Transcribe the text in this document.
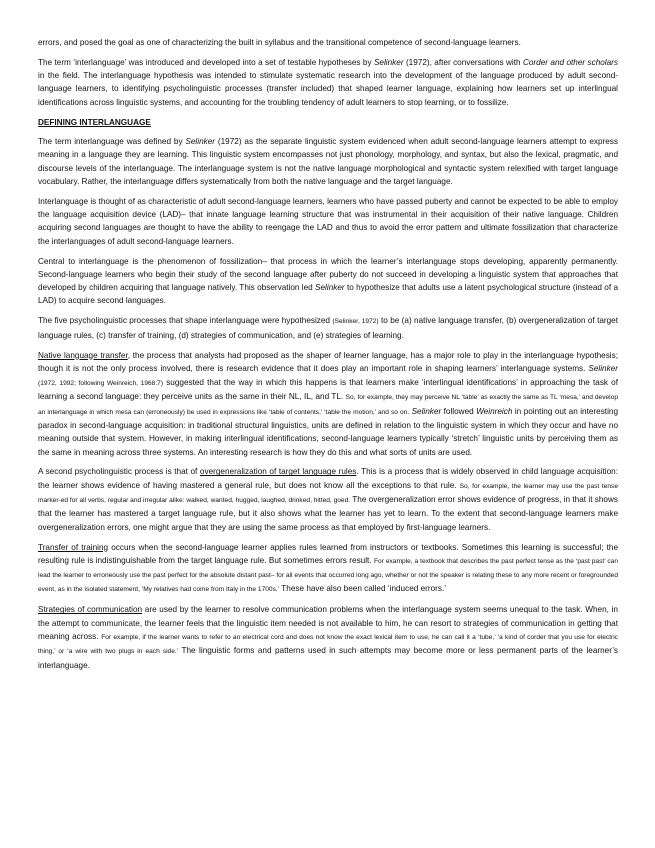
errors, and posed the goal as one of characterizing the built in syllabus and the transitional competence of second-language learners.

The term ‘interlanguage’ was introduced and developed into a set of testable hypotheses by Selinker (1972), after conversations with Corder and other scholars in the field. The interlanguage hypothesis was intended to stimulate systematic research into the development of the language produced by adult second-language learners, to identifying psycholinguistic processes (transfer included) that shaped learner language, explaining how learners set up interlingual identifications across linguistic systems, and accounting for the troubling tendency of adult learners to stop learning, or to fossilize.

DEFINING INTERLANGUAGE

The term interlanguage was defined by Selinker (1972) as the separate linguistic system evidenced when adult second-language learners attempt to express meaning in a language they are learning. This linguistic system encompasses not just phonology, morphology, and syntax, but also the lexical, pragmatic, and discourse levels of the interlanguage. The interlanguage system is not the native language morphological and syntactic system relexified with target language vocabulary. Rather, the interlanguage differs systematically from both the native language and the target language.

Interlanguage is thought of as characteristic of adult second-language learners, learners who have passed puberty and cannot be expected to be able to employ the language acquisition device (LAD)– that innate language learning structure that was instrumental in their acquisition of their native language. Children acquiring second languages are thought to have the ability to reengage the LAD and thus to avoid the error pattern and ultimate fossilization that characterize the interlanguages of adult second-language learners.

Central to interlanguage is the phenomenon of fossilization– that process in which the learner’s interlanguage stops developing, apparently permanently. Second-language learners who begin their study of the second language after puberty do not succeed in developing a linguistic system that approaches that developed by children acquiring that language natively. This observation led Selinker to hypothesize that adults use a latent psychological structure (instead of a LAD) to acquire second languages.

The five psycholinguistic processes that shape interlanguage were hypothesized (Selinker, 1972) to be (a) native language transfer, (b) overgeneralization of target language rules, (c) transfer of training, (d) strategies of communication, and (e) strategies of learning.

Native language transfer, the process that analysts had proposed as the shaper of learner language, has a major role to play in the interlanguage hypothesis; though it is not the only process involved, there is research evidence that it does play an important role in shaping learners’ interlanguage systems. Selinker (1972, 1992; following Weinreich, 1968:7) suggested that the way in which this happens is that learners make ‘interlingual identifications’ in approaching the task of learning a second language: they perceive units as the same in their NL, IL, and TL. So, for example, they may perceive NL ‘table’ as exactly the same as TL ‘mesa,’ and develop an interlanguage in which mesa can (erroneously) be used in expressions like ‘table of contents,’ ‘table the motion,’ and so on. Selinker followed Weinreich in pointing out an interesting paradox in second-language acquisition: in traditional structural linguistics, units are defined in relation to the linguistic system in which they occur and have no meaning outside that system. However, in making interlingual identifications, second-language learners typically ‘stretch’ linguistic units by perceiving them as the same in meaning across three systems. An interesting research is how they do this and what sorts of units are used.

A second psycholinguistic process is that of overgeneralization of target language rules. This is a process that is widely observed in child language acquisition: the learner shows evidence of having mastered a general rule, but does not know all the exceptions to that rule. So, for example, the learner may use the past tense marker-ed for all verbs, regular and irregular alike: walked, wanted, hugged, laughed, drinked, hitted, goed. The overgeneralization error shows evidence of progress, in that it shows that the learner has mastered a target language rule, but it also shows what the learner has yet to learn. To the extent that second-language learners make overgeneralization errors, one might argue that they are using the same process as that employed by first-language learners.

Transfer of training occurs when the second-language learner applies rules learned from instructors or textbooks. Sometimes this learning is successful; the resulting rule is indistinguishable from the target language rule. But sometimes errors result. For example, a textbook that describes the past perfect tense as the ‘past past’ can lead the learner to erroneously use the past perfect for the absolute distant past– for all events that occurred long ago, whether or not the speaker is relating these to any more recent or foregrounded event, as in the isolated statement, ‘My relatives had come from Italy in the 1700s.’ These have also been called ‘induced errors.’

Strategies of communication are used by the learner to resolve communication problems when the interlanguage system seems unequal to the task. When, in the attempt to communicate, the learner feels that the linguistic item needed is not available to him, he can resort to strategies of communication in getting that meaning across. For example, if the learner wants to refer to an electrical cord and does not know the exact lexical item to use, he can call it a ‘tube,’ ‘a kind of corder that you use for electric thing,’ or ‘a wire with two plugs in each side.’ The linguistic forms and patterns used in such attempts may become more or less permanent parts of the learner’s interlanguage.
